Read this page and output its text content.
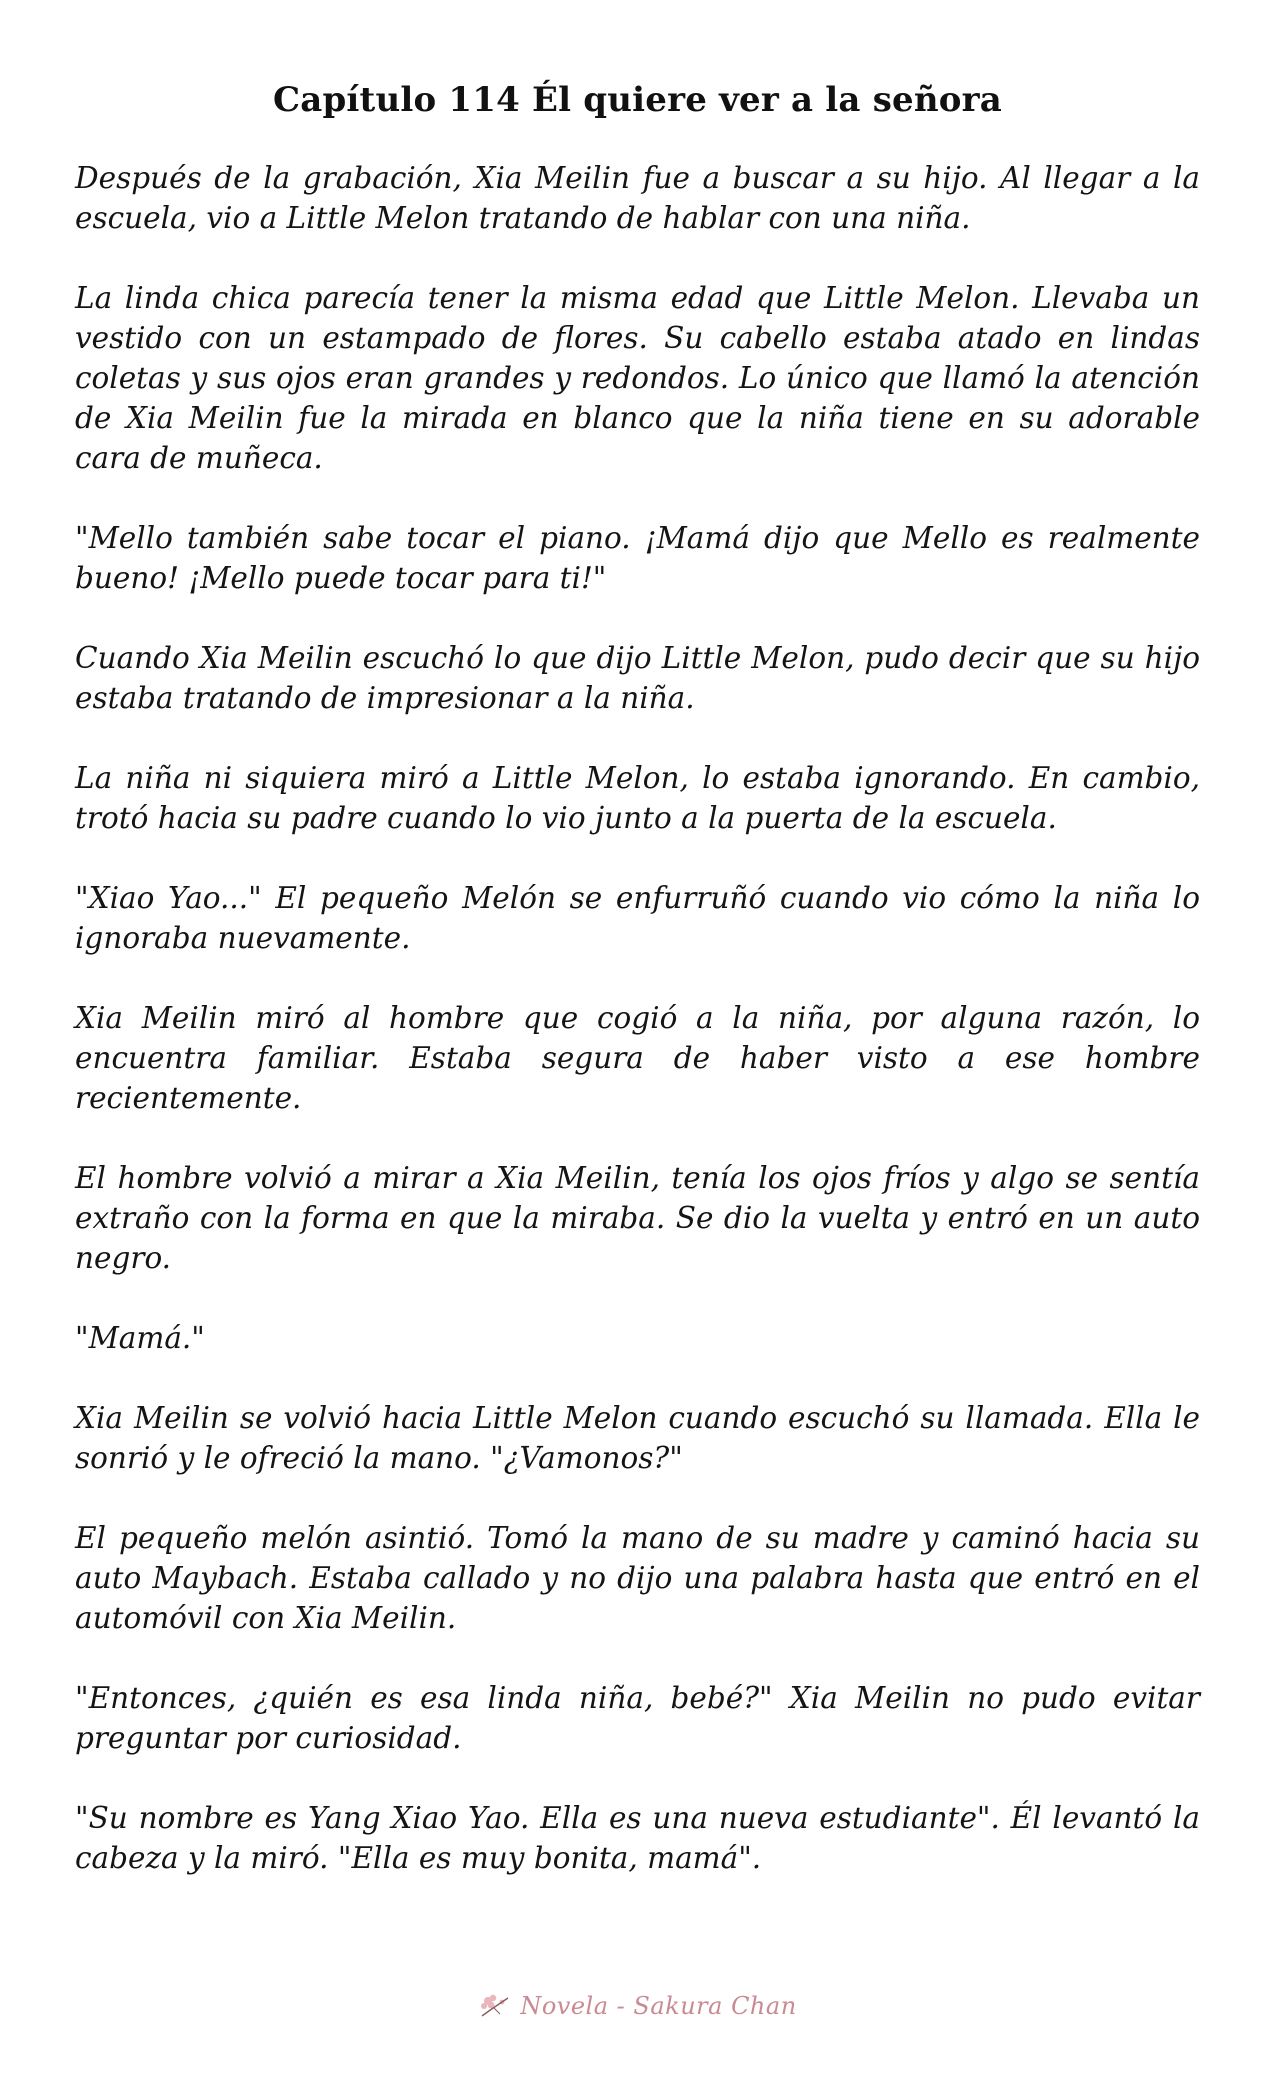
Capítulo 114 Él quiere ver a la señora

Después de la grabación, Xia Meilin fue a buscar a su hijo. Al llegar a la escuela, vio a Little Melon tratando de hablar con una niña.

La linda chica parecía tener la misma edad que Little Melon. Llevaba un vestido con un estampado de flores. Su cabello estaba atado en lindas coletas y sus ojos eran grandes y redondos. Lo único que llamó la atención de Xia Meilin fue la mirada en blanco que la niña tiene en su adorable cara de muñeca.

"Mello también sabe tocar el piano. ¡Mamá dijo que Mello es realmente bueno! ¡Mello puede tocar para ti!"

Cuando Xia Meilin escuchó lo que dijo Little Melon, pudo decir que su hijo estaba tratando de impresionar a la niña.

La niña ni siquiera miró a Little Melon, lo estaba ignorando. En cambio, trotó hacia su padre cuando lo vio junto a la puerta de la escuela.

"Xiao Yao..." El pequeño Melón se enfurruñó cuando vio cómo la niña lo ignoraba nuevamente.

Xia Meilin miró al hombre que cogió a la niña, por alguna razón, lo encuentra familiar. Estaba segura de haber visto a ese hombre recientemente.

El hombre volvió a mirar a Xia Meilin, tenía los ojos fríos y algo se sentía extraño con la forma en que la miraba. Se dio la vuelta y entró en un auto negro.

"Mamá."

Xia Meilin se volvió hacia Little Melon cuando escuchó su llamada. Ella le sonrió y le ofreció la mano. "¿Vamonos?"

El pequeño melón asintió. Tomó la mano de su madre y caminó hacia su auto Maybach. Estaba callado y no dijo una palabra hasta que entró en el automóvil con Xia Meilin.

"Entonces, ¿quién es esa linda niña, bebé?" Xia Meilin no pudo evitar preguntar por curiosidad.

"Su nombre es Yang Xiao Yao. Ella es una nueva estudiante". Él levantó la cabeza y la miró. "Ella es muy bonita, mamá".

Novela - Sakura Chan
